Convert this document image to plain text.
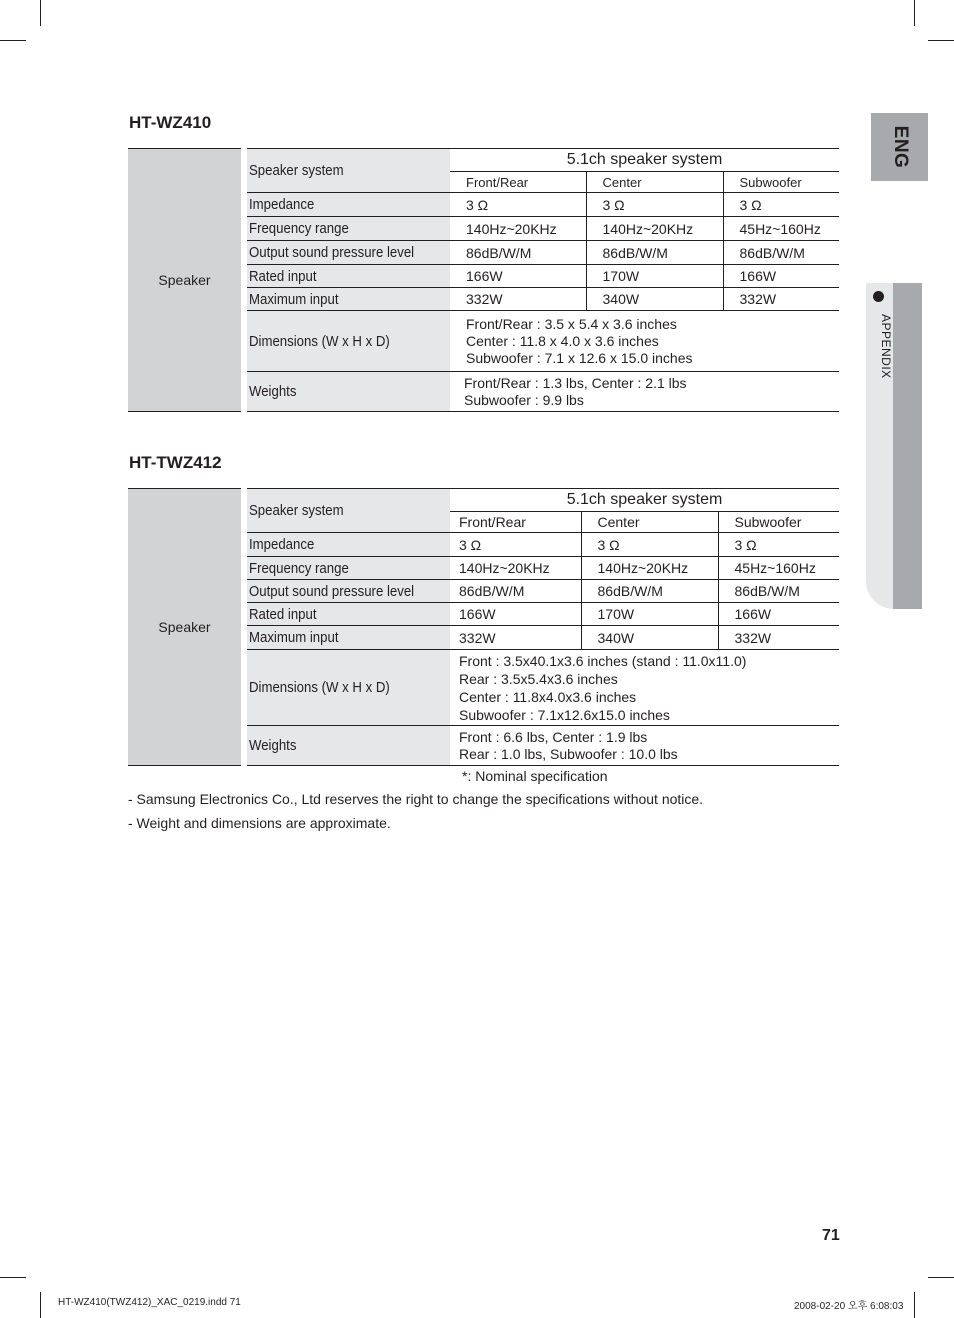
ENG
APPENDIX
HT-WZ410
Speaker	Speaker system	5.1ch speaker system		
		Front/Rear	Center	Subwoofer
	Impedance	3 Ω	3 Ω	3 Ω
	Frequency range	140Hz~20KHz	140Hz~20KHz	45Hz~160Hz
	Output sound pressure level	86dB/W/M	86dB/W/M	86dB/W/M
	Rated input	166W	170W	166W
	Maximum input	332W	340W	332W
	Dimensions (W x H x D)	Front/Rear : 3.5 x 5.4 x 3.6 inches
Center : 11.8 x 4.0 x 3.6 inches
Subwoofer : 7.1 x 12.6 x 15.0 inches		

	Weights	Front/Rear : 1.3 lbs, Center : 2.1 lbs
Subwoofer : 9.9 lbs		
HT-TWZ412
Speaker	Speaker system	5.1ch speaker system		
		Front/Rear	Center	Subwoofer
	Impedance	3 Ω	3 Ω	3 Ω
	Frequency range	140Hz~20KHz	140Hz~20KHz	45Hz~160Hz
	Output sound pressure level	86dB/W/M	86dB/W/M	86dB/W/M
	Rated input	166W	170W	166W
	Maximum input	332W	340W	332W
	Dimensions (W x H x D)	Front : 3.5x40.1x3.6 inches (stand : 11.0x11.0)
Rear : 3.5x5.4x3.6 inches
Center : 11.8x4.0x3.6 inches
Subwoofer : 7.1x12.6x15.0 inches		

	Weights	Front : 6.6 lbs, Center : 1.9 lbs
Rear : 1.0 lbs, Subwoofer : 10.0 lbs		
*: Nominal specification
- Samsung Electronics Co., Ltd reserves the right to change the specifications without notice.
- Weight and dimensions are approximate.
71
HT-WZ410(TWZ412)_XAC_0219.indd 71	2008-02-20 오후 6:08:03
